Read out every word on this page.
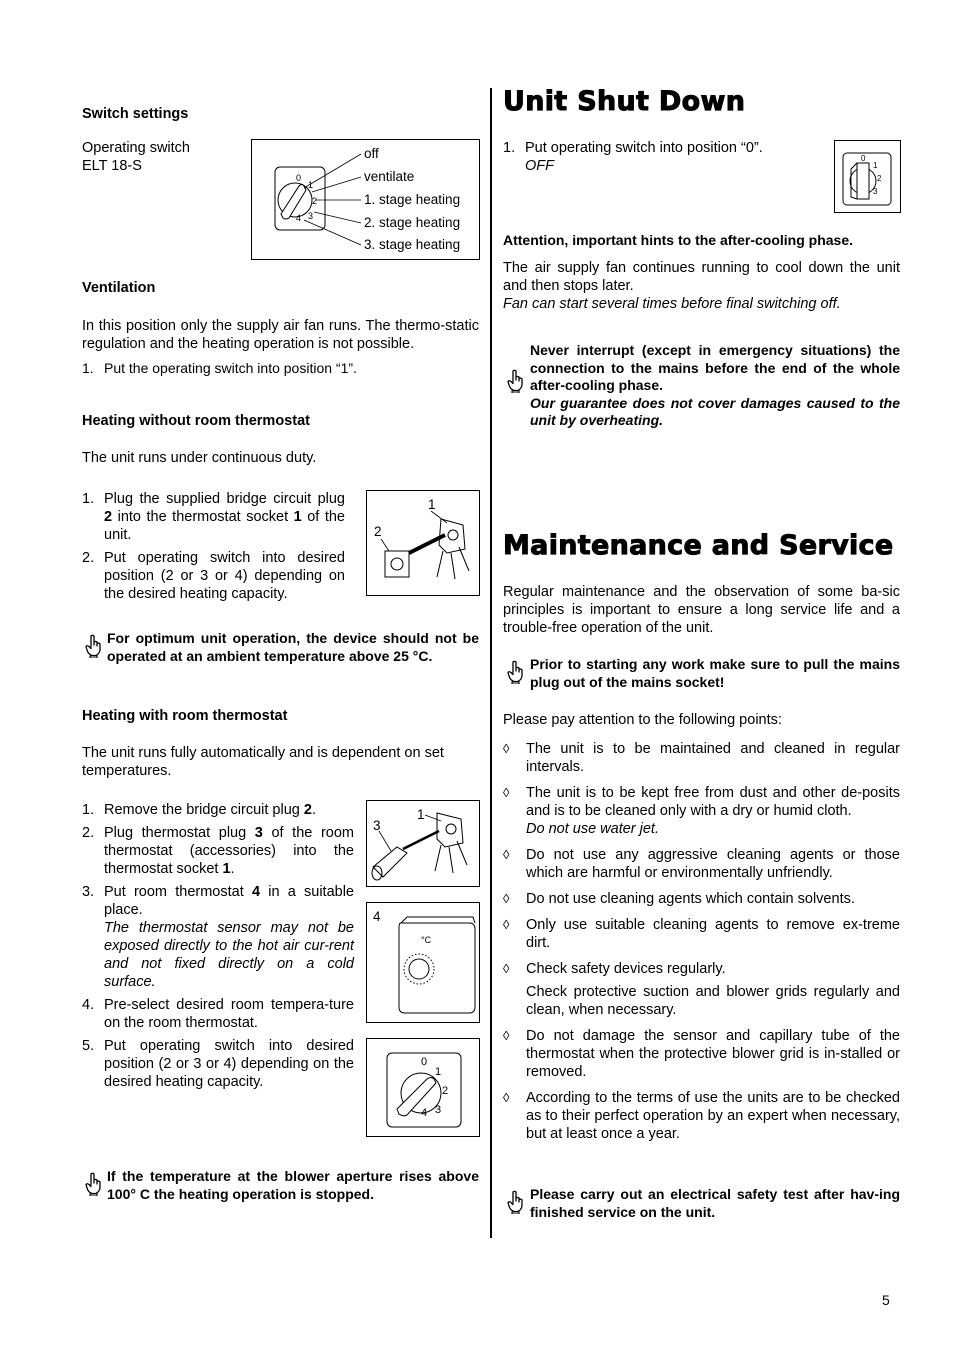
Switch settings
Operating switch
ELT 18-S
0
1
2
3
4
off
ventilate
1. stage heating
2. stage heating
3. stage heating
Ventilation

In this position only the supply air fan runs. The thermo-static regulation and the heating operation is not possible.

1. Put the operating switch into position “1”.
Heating without room thermostat

The unit runs under continuous duty.

1. Plug the supplied bridge circuit plug 2 into the thermostat socket 1 of the unit.
2. Put operating switch into desired position (2 or 3 or 4) depending on the desired heating capacity.
1
2
For optimum unit operation, the device should not be operated at an ambient temperature above 25 °C.
Heating with room thermostat

The unit runs fully automatically and is dependent on set temperatures.

1. Remove the bridge circuit plug 2.
2. Plug thermostat plug 3 of the room thermostat (accessories) into the thermostat socket 1.
3. Put room thermostat 4 in a suitable place.
The thermostat sensor may not be exposed directly to the hot air cur-rent and not fixed directly on a cold surface.
4. Pre-select desired room tempera-ture on the room thermostat.
5. Put operating switch into desired position (2 or 3 or 4) depending on the desired heating capacity.
3
1
4
°C
0
1
2
3
4
If the temperature at the blower aperture rises above 100° C the heating operation is stopped.
Unit Shut Down
1. Put operating switch into position “0”.
OFF	0
1
2
3
Attention, important hints to the after-cooling phase.

The air supply fan continues running to cool down the unit and then stops later.
Fan can start several times before final switching off.

Never interrupt (except in emergency situations) the connection to the mains before the end of the whole after-cooling phase.
Our guarantee does not cover damages caused to the unit by overheating.
Maintenance and Service

Regular maintenance and the observation of some ba-sic principles is important to ensure a long service life and a trouble-free operation of the unit.

Prior to starting any work make sure to pull the mains plug out of the mains socket!

Please pay attention to the following points:

◊ The unit is to be maintained and cleaned in regular intervals.
◊ The unit is to be kept free from dust and other de-posits and is to be cleaned only with a dry or humid cloth.
Do not use water jet.
◊ Do not use any aggressive cleaning agents or those which are harmful or environmentally unfriendly.
◊ Do not use cleaning agents which contain solvents.
◊ Only use suitable cleaning agents to remove ex-treme dirt.
◊ Check safety devices regularly.
Check protective suction and blower grids regularly and clean, when necessary.
◊ Do not damage the sensor and capillary tube of the thermostat when the protective blower grid is in-stalled or removed.
◊ According to the terms of use the units are to be checked as to their perfect operation by an expert when necessary, but at least once a year.
Please carry out an electrical safety test after hav-ing finished service on the unit.
5
